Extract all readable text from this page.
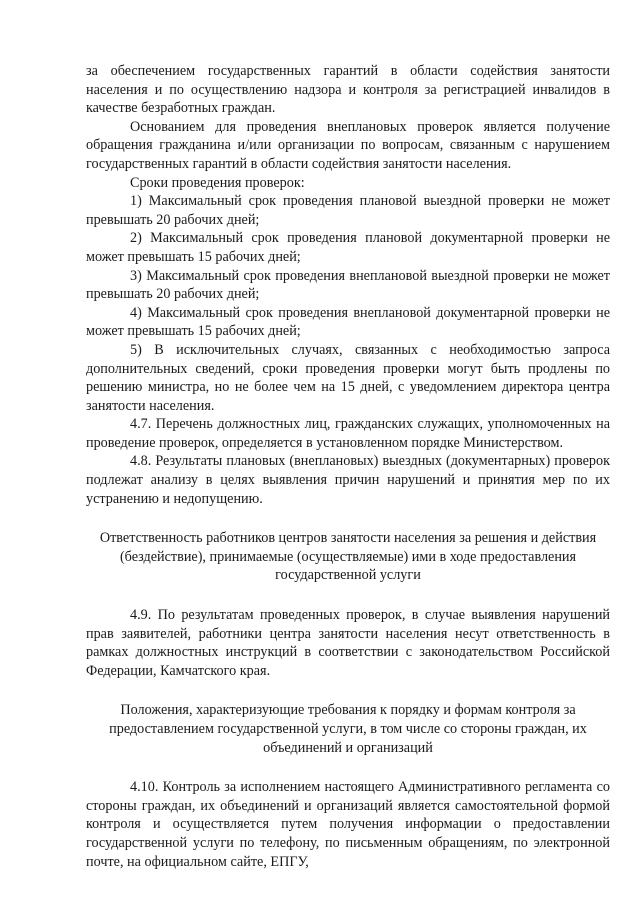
за обеспечением государственных гарантий в области содействия занятости населения и по осуществлению надзора и контроля за регистрацией инвалидов в качестве безработных граждан.

Основанием для проведения внеплановых проверок является получение обращения гражданина и/или организации по вопросам, связанным с нарушением государственных гарантий в области содействия занятости населения.

Сроки проведения проверок:

1) Максимальный срок проведения плановой выездной проверки не может превышать 20 рабочих дней;

2) Максимальный срок проведения плановой документарной проверки не может превышать 15 рабочих дней;

3) Максимальный срок проведения внеплановой выездной проверки не может превышать 20 рабочих дней;

4) Максимальный срок проведения внеплановой документарной проверки не может превышать 15 рабочих дней;

5) В исключительных случаях, связанных с необходимостью запроса дополнительных сведений, сроки проведения проверки могут быть продлены по решению министра, но не более чем на 15 дней, с уведомлением директора центра занятости населения.

4.7. Перечень должностных лиц, гражданских служащих, уполномоченных на проведение проверок, определяется в установленном порядке Министерством.

4.8. Результаты плановых (внеплановых) выездных (документарных) проверок подлежат анализу в целях выявления причин нарушений и принятия мер по их устранению и недопущению.

Ответственность работников центров занятости населения за решения и действия (бездействие), принимаемые (осуществляемые) ими в ходе предоставления государственной услуги

4.9. По результатам проведенных проверок, в случае выявления нарушений прав заявителей, работники центра занятости населения несут ответственность в рамках должностных инструкций в соответствии с законодательством Российской Федерации, Камчатского края.

Положения, характеризующие требования к порядку и формам контроля за предоставлением государственной услуги, в том числе со стороны граждан, их объединений и организаций

4.10. Контроль за исполнением настоящего Административного регламента со стороны граждан, их объединений и организаций является самостоятельной формой контроля и осуществляется путем получения информации о предоставлении государственной услуги по телефону, по письменным обращениям, по электронной почте, на официальном сайте, ЕПГУ,
